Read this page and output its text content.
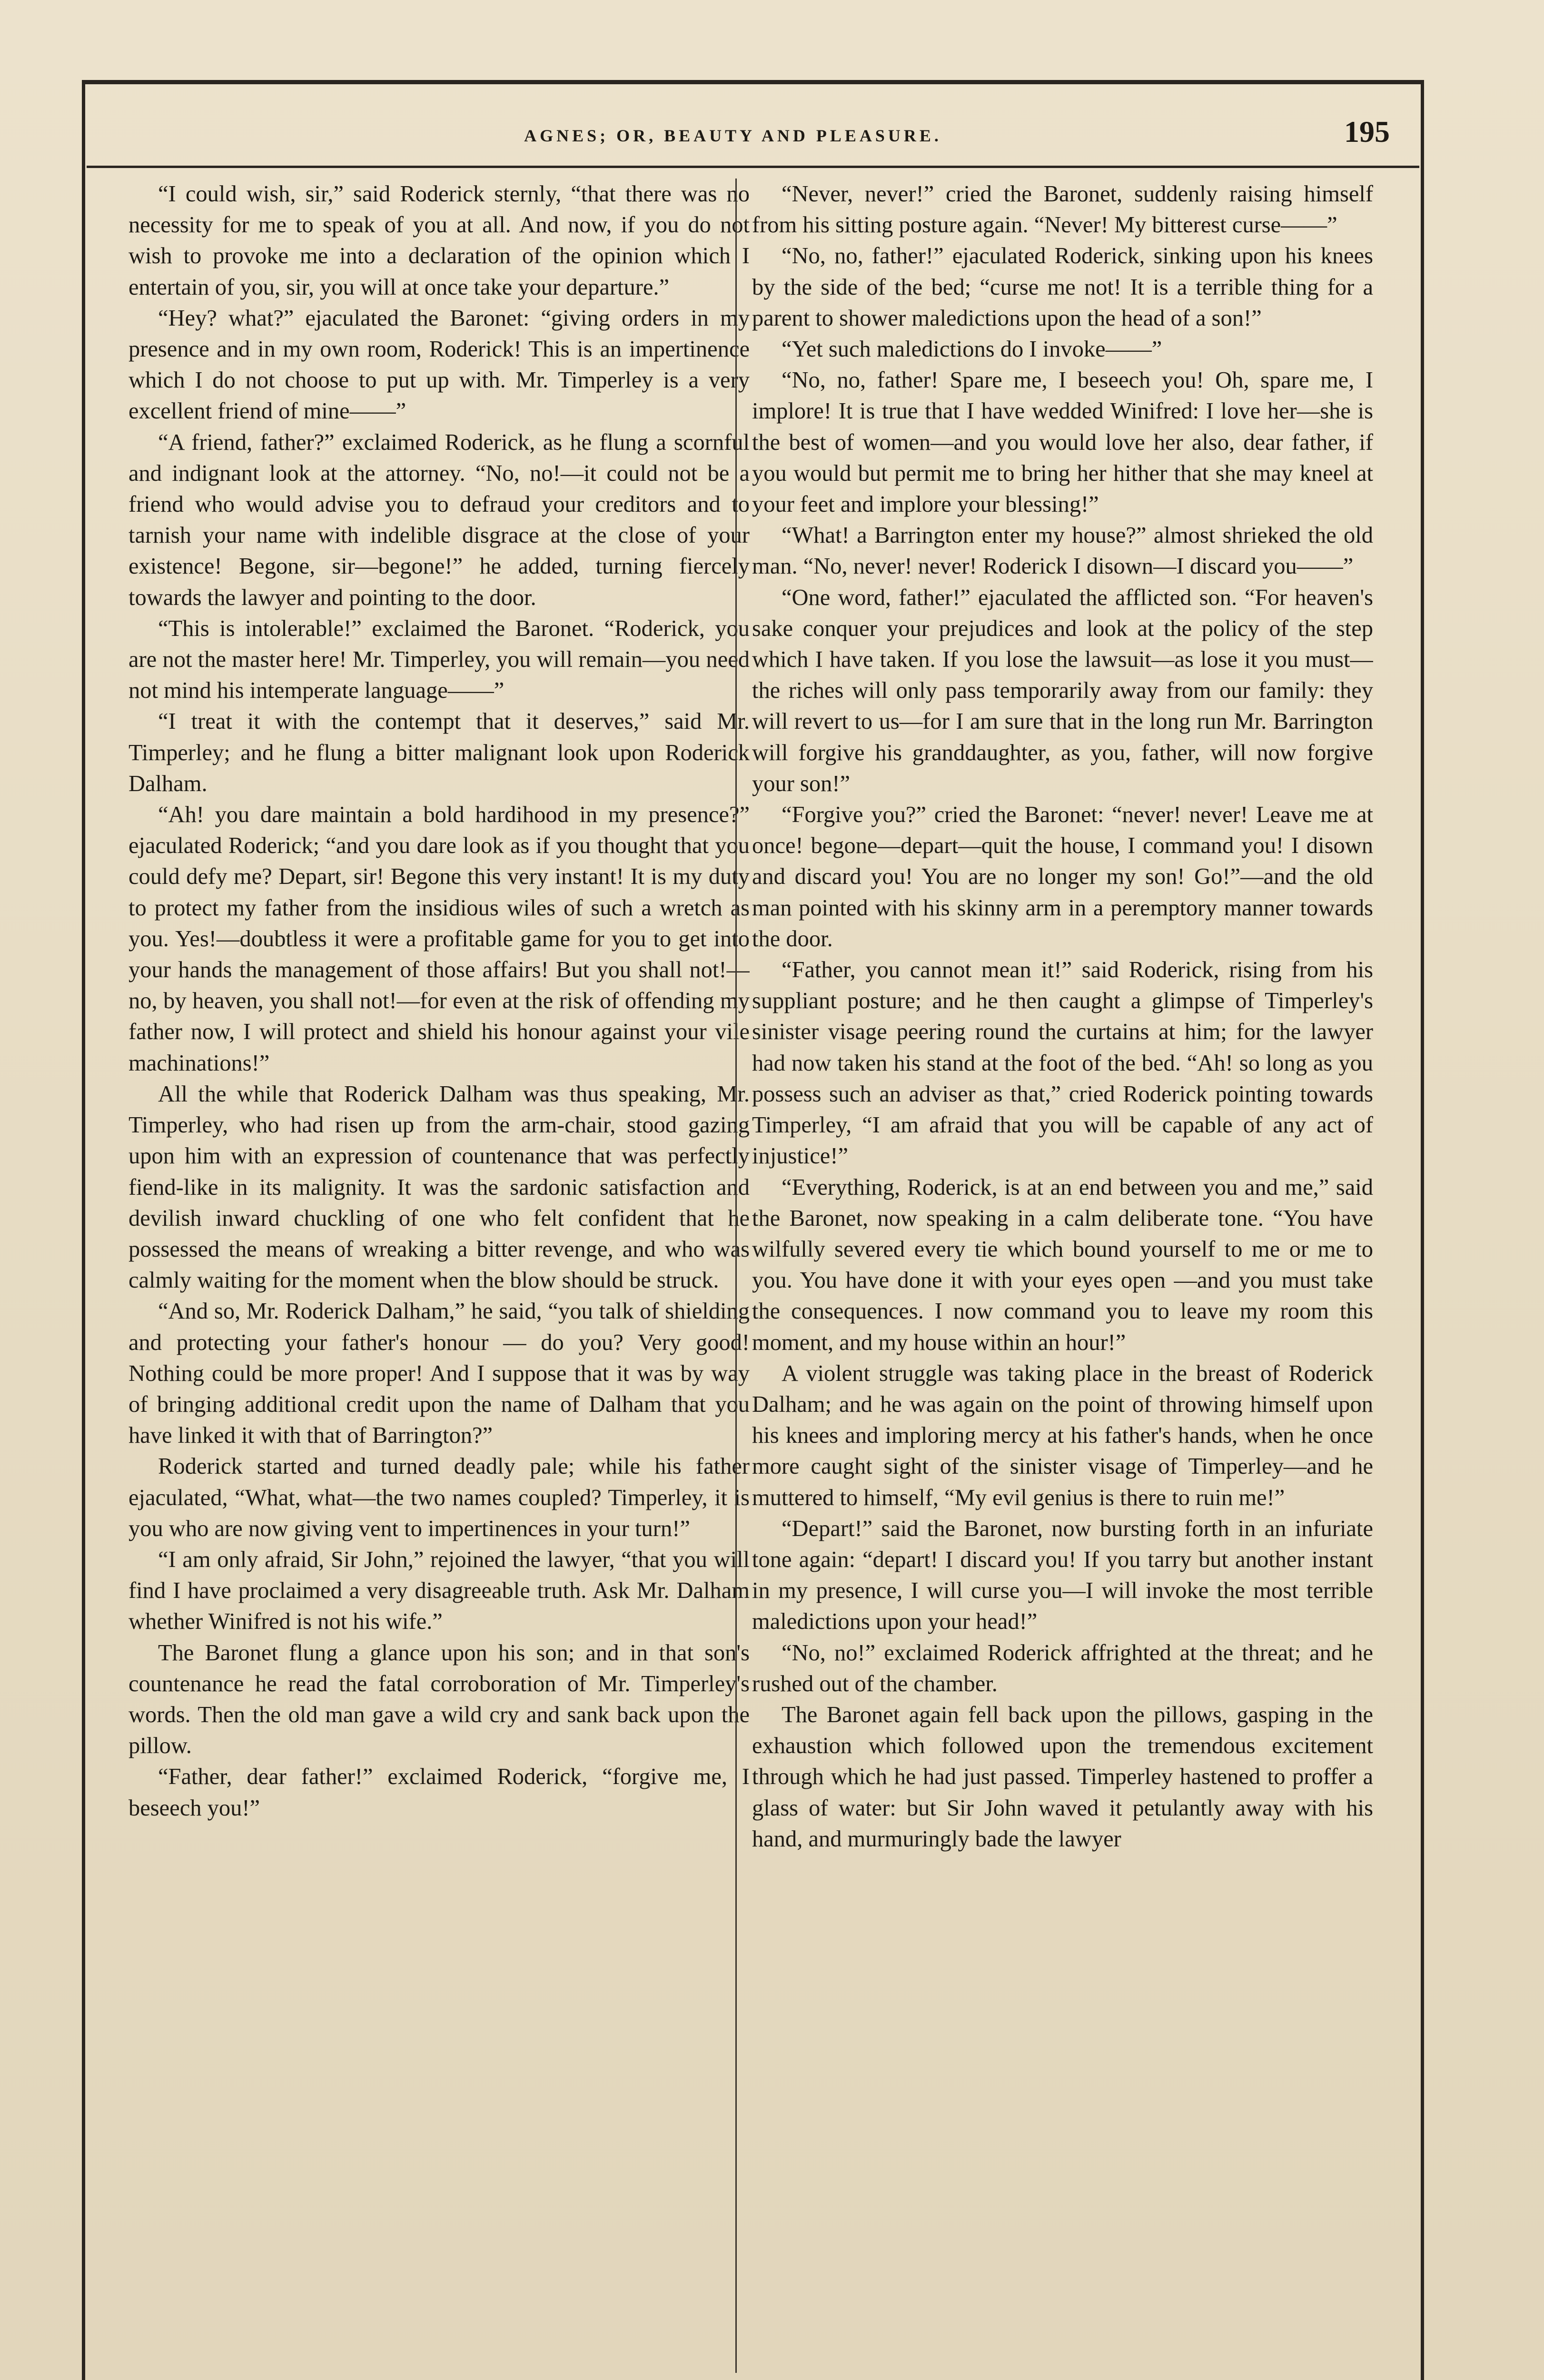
AGNES; OR, BEAUTY AND PLEASURE.	195

“I could wish, sir,” said Roderick sternly, “that there was no necessity for me to speak of you at all. And now, if you do not wish to provoke me into a declaration of the opinion which I entertain of you, sir, you will at once take your departure.”

“Hey? what?” ejaculated the Baronet: “giving orders in my presence and in my own room, Roderick! This is an impertinence which I do not choose to put up with. Mr. Timperley is a very excellent friend of mine——”

“A friend, father?” exclaimed Roderick, as he flung a scornful and indignant look at the attorney. “No, no!—it could not be a friend who would advise you to defraud your creditors and to tarnish your name with indelible disgrace at the close of your existence! Begone, sir—begone!” he added, turning fiercely towards the lawyer and pointing to the door.

“This is intolerable!” exclaimed the Baronet. “Roderick, you are not the master here! Mr. Timperley, you will remain—you need not mind his intemperate language——”

“I treat it with the contempt that it deserves,” said Mr. Timperley; and he flung a bitter malignant look upon Roderick Dalham.

“Ah! you dare maintain a bold hardihood in my presence?” ejaculated Roderick; “and you dare look as if you thought that you could defy me? Depart, sir! Begone this very instant! It is my duty to protect my father from the insidious wiles of such a wretch as you. Yes!—doubtless it were a profitable game for you to get into your hands the management of those affairs! But you shall not!—no, by heaven, you shall not!—for even at the risk of offending my father now, I will protect and shield his honour against your vile machinations!”

All the while that Roderick Dalham was thus speaking, Mr. Timperley, who had risen up from the arm-chair, stood gazing upon him with an expression of countenance that was perfectly fiend-like in its malignity. It was the sardonic satisfaction and devilish inward chuckling of one who felt confident that he possessed the means of wreaking a bitter revenge, and who was calmly waiting for the moment when the blow should be struck.

“And so, Mr. Roderick Dalham,” he said, “you talk of shielding and protecting your father's honour — do you? Very good! Nothing could be more proper! And I suppose that it was by way of bringing additional credit upon the name of Dalham that you have linked it with that of Barrington?”

Roderick started and turned deadly pale; while his father ejaculated, “What, what—the two names coupled? Timperley, it is you who are now giving vent to impertinences in your turn!”

“I am only afraid, Sir John,” rejoined the lawyer, “that you will find I have proclaimed a very disagreeable truth. Ask Mr. Dalham whether Winifred is not his wife.”

The Baronet flung a glance upon his son; and in that son's countenance he read the fatal corroboration of Mr. Timperley's words. Then the old man gave a wild cry and sank back upon the pillow.

“Father, dear father!” exclaimed Roderick, “forgive me, I beseech you!”

“Never, never!” cried the Baronet, suddenly raising himself from his sitting posture again. “Never! My bitterest curse——”

“No, no, father!” ejaculated Roderick, sinking upon his knees by the side of the bed; “curse me not! It is a terrible thing for a parent to shower maledictions upon the head of a son!”

“Yet such maledictions do I invoke——”

“No, no, father! Spare me, I beseech you! Oh, spare me, I implore! It is true that I have wedded Winifred: I love her—she is the best of women—and you would love her also, dear father, if you would but permit me to bring her hither that she may kneel at your feet and implore your blessing!”

“What! a Barrington enter my house?” almost shrieked the old man. “No, never! never! Roderick I disown—I discard you——”

“One word, father!” ejaculated the afflicted son. “For heaven's sake conquer your prejudices and look at the policy of the step which I have taken. If you lose the lawsuit—as lose it you must—the riches will only pass temporarily away from our family: they will revert to us—for I am sure that in the long run Mr. Barrington will forgive his granddaughter, as you, father, will now forgive your son!”

“Forgive you?” cried the Baronet: “never! never! Leave me at once! begone—depart—quit the house, I command you! I disown and discard you! You are no longer my son! Go!”—and the old man pointed with his skinny arm in a peremptory manner towards the door.

“Father, you cannot mean it!” said Roderick, rising from his suppliant posture; and he then caught a glimpse of Timperley's sinister visage peering round the curtains at him; for the lawyer had now taken his stand at the foot of the bed. “Ah! so long as you possess such an adviser as that,” cried Roderick pointing towards Timperley, “I am afraid that you will be capable of any act of injustice!”

“Everything, Roderick, is at an end between you and me,” said the Baronet, now speaking in a calm deliberate tone. “You have wilfully severed every tie which bound yourself to me or me to you. You have done it with your eyes open —and you must take the consequences. I now command you to leave my room this moment, and my house within an hour!”

A violent struggle was taking place in the breast of Roderick Dalham; and he was again on the point of throwing himself upon his knees and imploring mercy at his father's hands, when he once more caught sight of the sinister visage of Timperley—and he muttered to himself, “My evil genius is there to ruin me!”

“Depart!” said the Baronet, now bursting forth in an infuriate tone again: “depart! I discard you! If you tarry but another instant in my presence, I will curse you—I will invoke the most terrible maledictions upon your head!”

“No, no!” exclaimed Roderick affrighted at the threat; and he rushed out of the chamber.

The Baronet again fell back upon the pillows, gasping in the exhaustion which followed upon the tremendous excitement through which he had just passed. Timperley hastened to proffer a glass of water: but Sir John waved it petulantly away with his hand, and murmuringly bade the lawyer
